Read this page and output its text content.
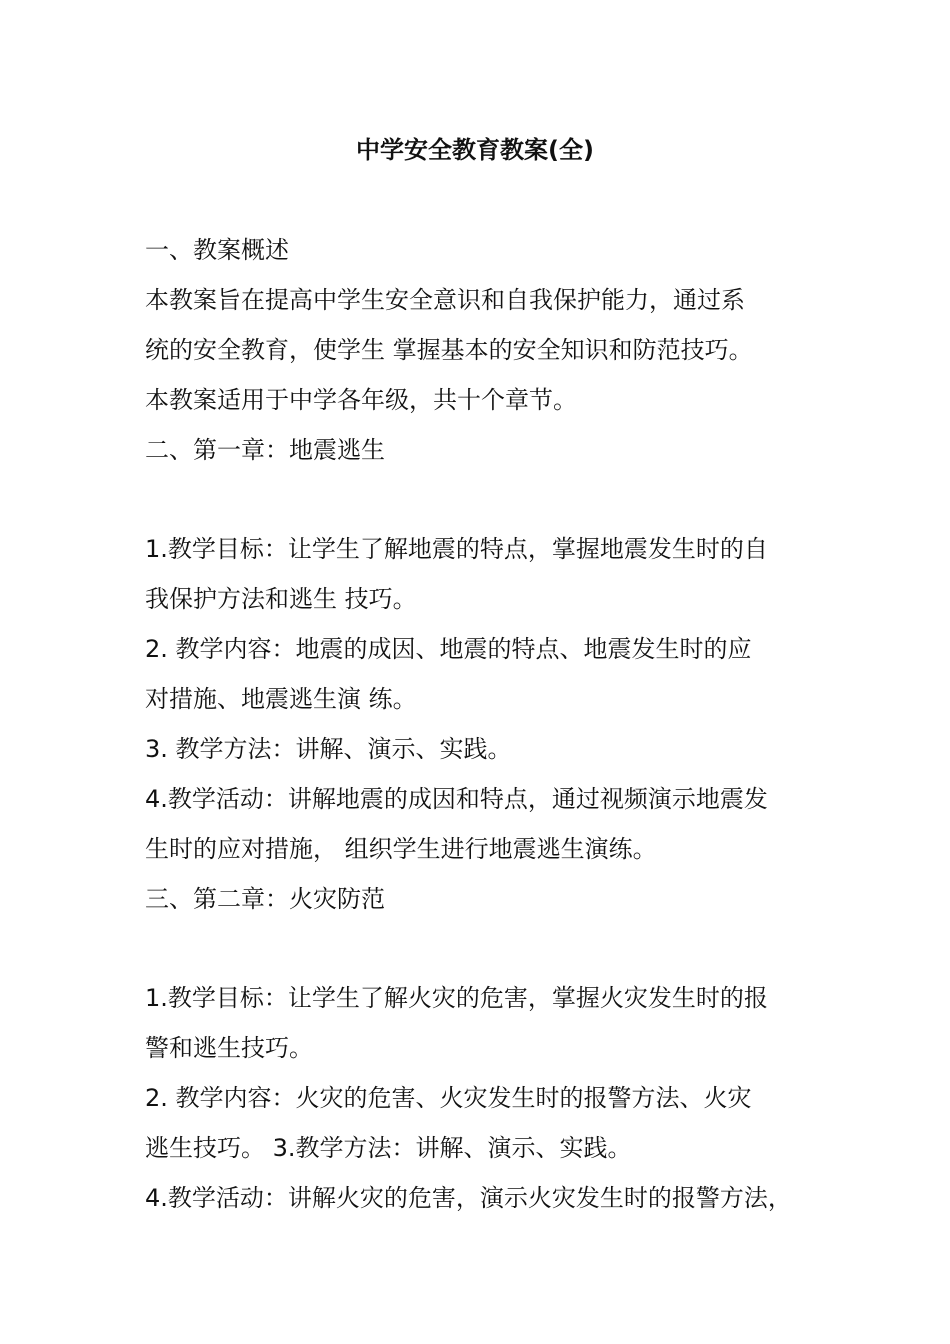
中学安全教育教案(全)
一、教案概述
本教案旨在提高中学生安全意识和自我保护能力，通过系
统的安全教育，使学生 掌握基本的安全知识和防范技巧。
本教案适用于中学各年级，共十个章节。
二、第一章：地震逃生
1.教学目标：让学生了解地震的特点，掌握地震发生时的自
我保护方法和逃生 技巧。
2. 教学内容：地震的成因、地震的特点、地震发生时的应
对措施、地震逃生演 练。
3. 教学方法：讲解、演示、实践。
4.教学活动：讲解地震的成因和特点，通过视频演示地震发
生时的应对措施， 组织学生进行地震逃生演练。
三、第二章：火灾防范
1.教学目标：让学生了解火灾的危害，掌握火灾发生时的报
警和逃生技巧。
2. 教学内容：火灾的危害、火灾发生时的报警方法、火灾
逃生技巧。 3.教学方法：讲解、演示、实践。
4.教学活动：讲解火灾的危害，演示火灾发生时的报警方法，
